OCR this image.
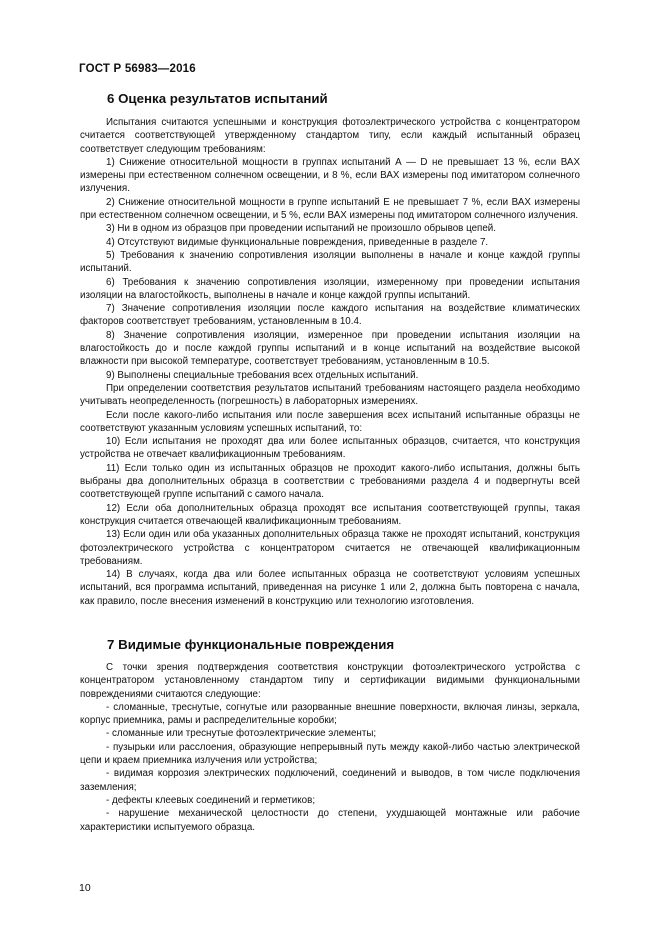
ГОСТ Р 56983—2016
6 Оценка результатов испытаний

Испытания считаются успешными и конструкция фотоэлектрического устройства с концентратором считается соответствующей утвержденному стандартом типу, если каждый испытанный образец соответствует следующим требованиям:

1) Снижение относительной мощности в группах испытаний А — D не превышает 13 %, если ВАХ измерены при естественном солнечном освещении, и 8 %, если ВАХ измерены под имитатором солнечного излучения.

2) Снижение относительной мощности в группе испытаний E не превышает 7 %, если ВАХ измерены при естественном солнечном освещении, и 5 %, если ВАХ измерены под имитатором солнечного излучения.

3) Ни в одном из образцов при проведении испытаний не произошло обрывов цепей.

4) Отсутствуют видимые функциональные повреждения, приведенные в разделе 7.

5) Требования к значению сопротивления изоляции выполнены в начале и конце каждой группы испытаний.

6) Требования к значению сопротивления изоляции, измеренному при проведении испытания изоляции на влагостойкость, выполнены в начале и конце каждой группы испытаний.

7) Значение сопротивления изоляции после каждого испытания на воздействие климатических факторов соответствует требованиям, установленным в 10.4.

8) Значение сопротивления изоляции, измеренное при проведении испытания изоляции на влагостойкость до и после каждой группы испытаний и в конце испытаний на воздействие высокой влажности при высокой температуре, соответствует требованиям, установленным в 10.5.

9) Выполнены специальные требования всех отдельных испытаний.

При определении соответствия результатов испытаний требованиям настоящего раздела необходимо учитывать неопределенность (погрешность) в лабораторных измерениях.

Если после какого-либо испытания или после завершения всех испытаний испытанные образцы не соответствуют указанным условиям успешных испытаний, то:

10) Если испытания не проходят два или более испытанных образцов, считается, что конструкция устройства не отвечает квалификационным требованиям.

11) Если только один из испытанных образцов не проходит какого-либо испытания, должны быть выбраны два дополнительных образца в соответствии с требованиями раздела 4 и подвергнуты всей соответствующей группе испытаний с самого начала.

12) Если оба дополнительных образца проходят все испытания соответствующей группы, такая конструкция считается отвечающей квалификационным требованиям.

13) Если один или оба указанных дополнительных образца также не проходят испытаний, конструкция фотоэлектрического устройства с концентратором считается не отвечающей квалификационным требованиям.

14) В случаях, когда два или более испытанных образца не соответствуют условиям успешных испытаний, вся программа испытаний, приведенная на рисунке 1 или 2, должна быть повторена с начала, как правило, после внесения изменений в конструкцию или технологию изготовления.

7 Видимые функциональные повреждения

С точки зрения подтверждения соответствия конструкции фотоэлектрического устройства с концентратором установленному стандартом типу и сертификации видимыми функциональными повреждениями считаются следующие:

- сломанные, треснутые, согнутые или разорванные внешние поверхности, включая линзы, зеркала, корпус приемника, рамы и распределительные коробки;

- сломанные или треснутые фотоэлектрические элементы;

- пузырьки или расслоения, образующие непрерывный путь между какой-либо частью электрической цепи и краем приемника излучения или устройства;

- видимая коррозия электрических подключений, соединений и выводов, в том числе подключения заземления;

- дефекты клеевых соединений и герметиков;

- нарушение механической целостности до степени, ухудшающей монтажные или рабочие характеристики испытуемого образца.

10
